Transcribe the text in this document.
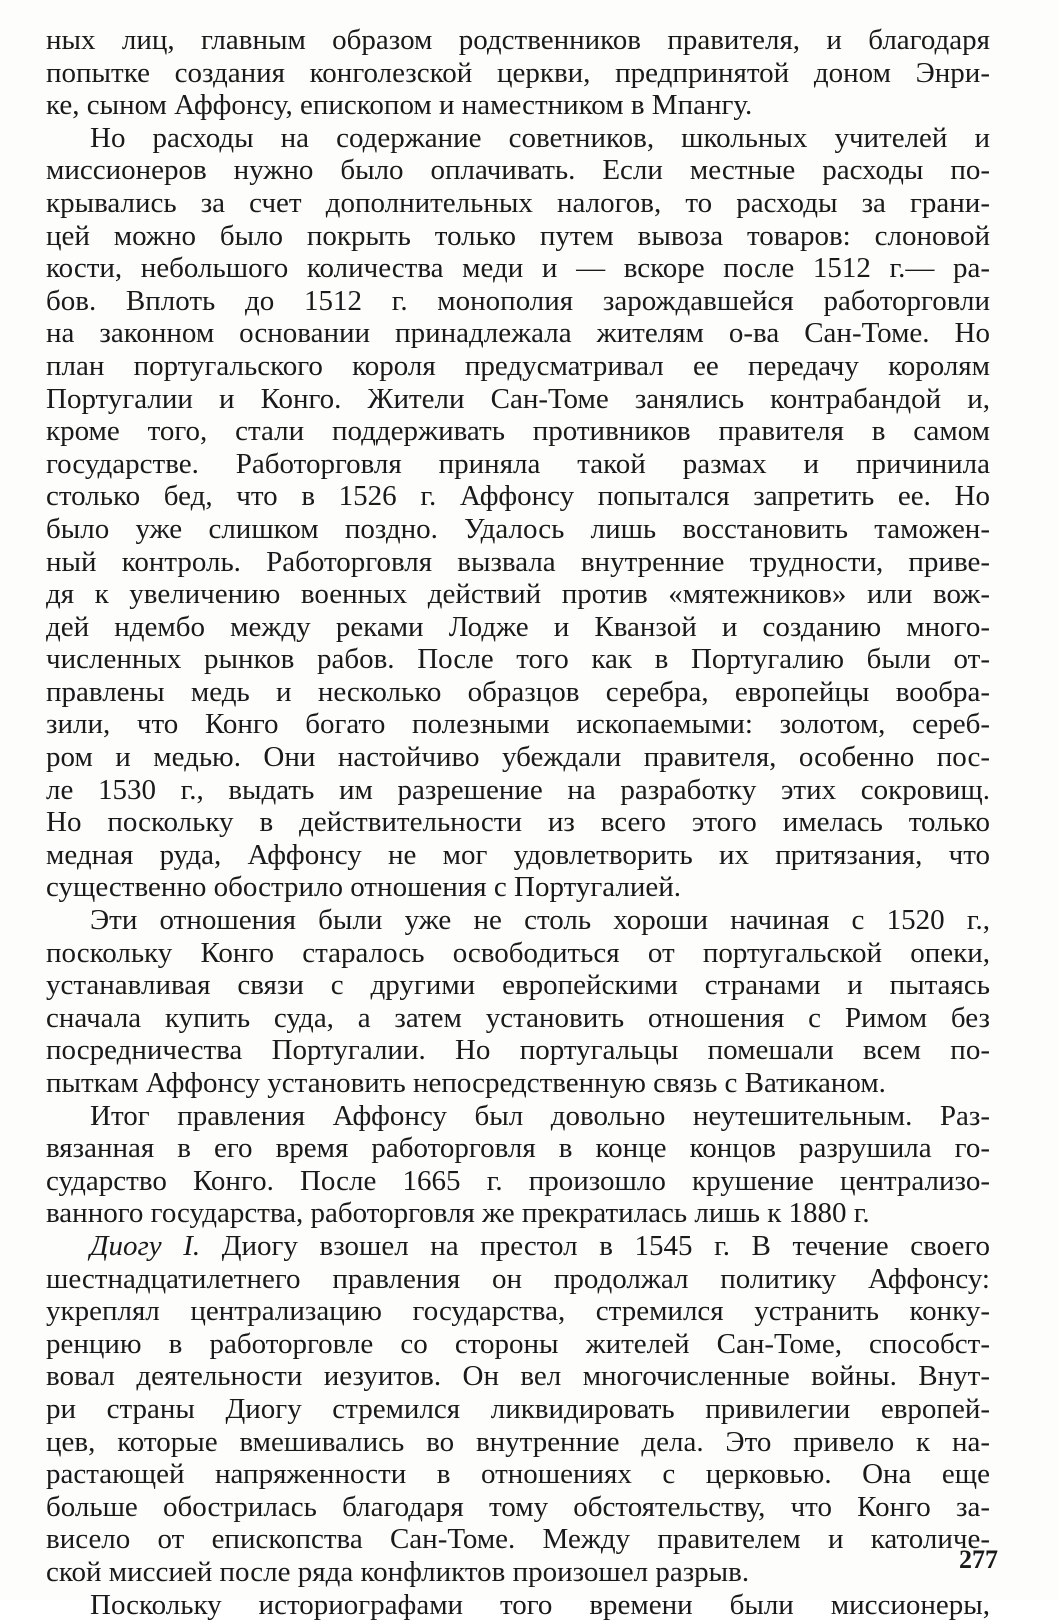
ных лиц, главным образом родственников правителя, и благодаря
попытке создания конголезской церкви, предпринятой доном Энри-
ке, сыном Аффонсу, епископом и наместником в Мпангу.
Но расходы на содержание советников, школьных учителей и
миссионеров нужно было оплачивать. Если местные расходы по-
крывались за счет дополнительных налогов, то расходы за грани-
цей можно было покрыть только путем вывоза товаров: слоновой
кости, небольшого количества меди и — вскоре после 1512 г.— ра-
бов. Вплоть до 1512 г. монополия зарождавшейся работорговли
на законном основании принадлежала жителям о-ва Сан-Томе. Но
план португальского короля предусматривал ее передачу королям
Португалии и Конго. Жители Сан-Томе занялись контрабандой и,
кроме того, стали поддерживать противников правителя в самом
государстве. Работорговля приняла такой размах и причинила
столько бед, что в 1526 г. Аффонсу попытался запретить ее. Но
было уже слишком поздно. Удалось лишь восстановить таможен-
ный контроль. Работорговля вызвала внутренние трудности, приве-
дя к увеличению военных действий против «мятежников» или вож-
дей ндембо между реками Лодже и Кванзой и созданию много-
численных рынков рабов. После того как в Португалию были от-
правлены медь и несколько образцов серебра, европейцы вообра-
зили, что Конго богато полезными ископаемыми: золотом, сереб-
ром и медью. Они настойчиво убеждали правителя, особенно пос-
ле 1530 г., выдать им разрешение на разработку этих сокровищ.
Но поскольку в действительности из всего этого имелась только
медная руда, Аффонсу не мог удовлетворить их притязания, что
существенно обострило отношения с Португалией.
Эти отношения были уже не столь хороши начиная с 1520 г.,
поскольку Конго старалось освободиться от португальской опеки,
устанавливая связи с другими европейскими странами и пытаясь
сначала купить суда, а затем установить отношения с Римом без
посредничества Португалии. Но португальцы помешали всем по-
пыткам Аффонсу установить непосредственную связь с Ватиканом.
Итог правления Аффонсу был довольно неутешительным. Раз-
вязанная в его время работорговля в конце концов разрушила го-
сударство Конго. После 1665 г. произошло крушение централизо-
ванного государства, работорговля же прекратилась лишь к 1880 г.
Диогу I. Диогу взошел на престол в 1545 г. В течение своего
шестнадцатилетнего правления он продолжал политику Аффонсу:
укреплял централизацию государства, стремился устранить конку-
ренцию в работорговле со стороны жителей Сан-Томе, способст-
вовал деятельности иезуитов. Он вел многочисленные войны. Внут-
ри страны Диогу стремился ликвидировать привилегии европей-
цев, которые вмешивались во внутренние дела. Это привело к на-
растающей напряженности в отношениях с церковью. Она еще
больше обострилась благодаря тому обстоятельству, что Конго за-
висело от епископства Сан-Томе. Между правителем и католиче-
ской миссией после ряда конфликтов произошел разрыв.
Поскольку историографами того времени были миссионеры,
277
